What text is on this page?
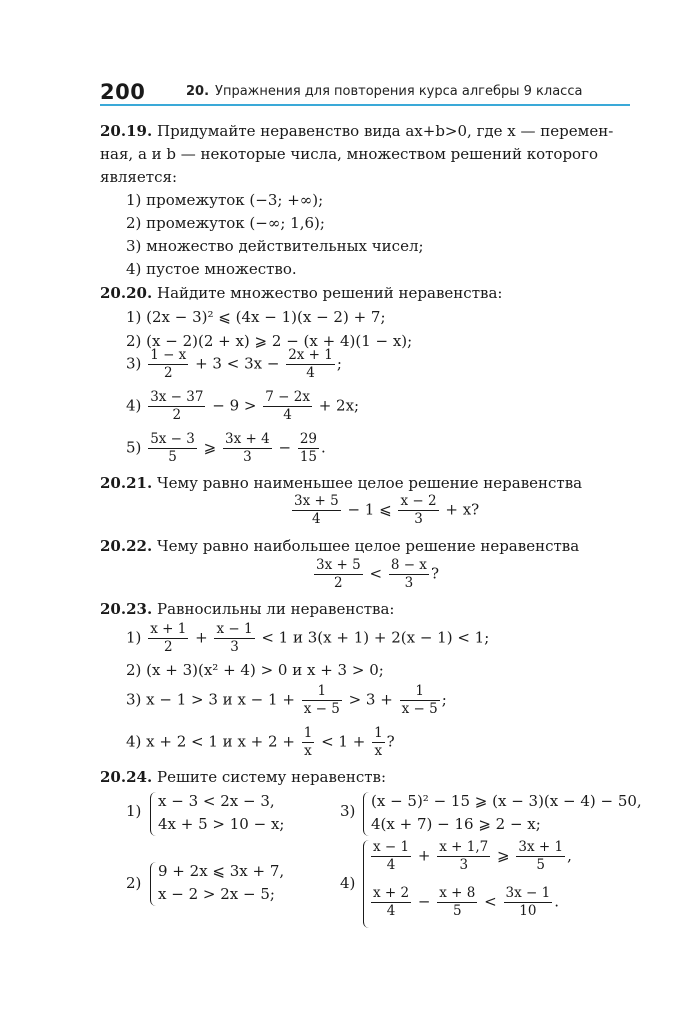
200	20. Упражнения для повторения курса алгебры 9 класса
20.19. Придумайте неравенство вида ax+b>0, где x — перемен-
ная, a и b — некоторые числа, множеством решений которого
является:
1) промежуток (−3; +∞);
2) промежуток (−∞; 1,6);
3) множество действительных чисел;
4) пустое множество.
20.20. Найдите множество решений неравенства:
1) (2x − 3)² ⩽ (4x − 1)(x − 2) + 7;
2) (x − 2)(2 + x) ⩾ 2 − (x + 4)(1 − x);
$3) \frac{1 - x}{2} + 3 < 3x - \frac{2x + 1}{4}$ ;
$4) \frac{3x - 37}{2} - 9 > \frac{7 - 2x}{4} + 2x$;
$5) \frac{5x - 3}{5}$ ⩾ $\frac{3x + 4}{3} - \frac{29}{15}$ .
20.21. Чему равно наименьшее целое решение неравенства
$\frac{3x + 5}{4} - 1$ ⩽ $\frac{x - 2}{3} + x$?
20.22. Чему равно наибольшее целое решение неравенства
$\frac{3x + 5}{2} < \frac{8 - x}{3}$ ?
20.23. Равносильны ли неравенства:
$1) \frac{x + 1}{2} + \frac{x - 1}{3} < 1$ и 3(x + 1) + 2(x − 1) < 1;
2) (x + 3)(x² + 4) > 0 и x + 3 > 0;
3) x − 1 > 3 и $x - 1 + \frac{1}{x - 5} > 3 + \frac{1}{x - 5}$ ;
4) x + 2 < 1 и $x + 2 + \frac{1}{x} < 1 + \frac{1}{x}$ ?
20.24. Решите систему неравенств:
1)
x − 3 < 2x − 3,
4x + 5 > 10 − x;
3)
(x − 5)² − 15 ⩾ (x − 3)(x − 4) − 50,
4(x + 7) − 16 ⩾ 2 − x;
2)
9 + 2x ⩽ 3x + 7,
x − 2 > 2x − 5;
4)
$\frac{x - 1}{4} + \frac{x + 1,7}{3}$ ⩾ $\frac{3x + 1}{5}$ ,
$\frac{x + 2}{4} - \frac{x + 8}{5} < \frac{3x - 1}{10}$ .
